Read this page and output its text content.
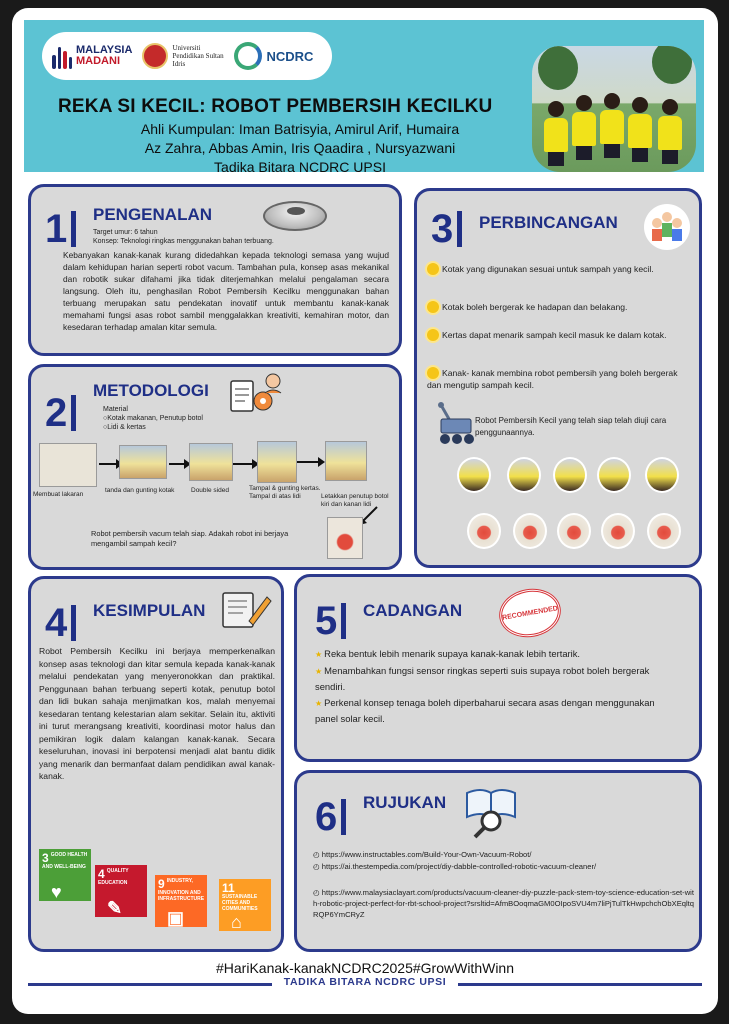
MALAYSIA
MADANI
Universiti Pendidikan Sultan Idris
NCDRC
REKA SI KECIL: ROBOT PEMBERSIH KECILKU
Ahli Kumpulan: Iman Batrisyia, Amirul Arif, Humaira
Az Zahra, Abbas Amin, Iris Qaadira , Nursyazwani
Tadika Bitara NCDRC UPSI
1 PENGENALAN
Target umur: 6 tahun
Konsep: Teknologi ringkas menggunakan bahan terbuang.
Kebanyakan kanak-kanak kurang didedahkan kepada teknologi semasa yang wujud dalam kehidupan harian seperti robot vacum. Tambahan pula, konsep asas mekanikal dan robotik sukar difahami jika tidak diterjemahkan melalui pengalaman secara langsung. Oleh itu, penghasilan Robot Pembersih Kecilku menggunakan bahan terbuang merupakan satu pendekatan inovatif untuk membantu kanak-kanak memahami fungsi asas robot sambil menggalakkan kreativiti, kemahiran motor, dan kesedaran terhadap amalan kitar semula.
2
METODOLOGI
Material
○Kotak makanan, Penutup botol
○Lidi & kertas
Membuat lakaran
tanda dan gunting kotak	Double sided	Tampal & gunting kertas. Tampal di atas lidi	Letakkan penutup botol kiri dan kanan lidi
Robot pembersih vacum telah siap. Adakah robot ini berjaya mengambil sampah kecil?
3 PERBINCANGAN
Kotak yang digunakan sesuai untuk sampah yang kecil.
Kotak boleh bergerak ke hadapan dan belakang.
Kertas dapat menarik sampah kecil masuk ke dalam kotak.
Kanak- kanak membina robot pembersih yang boleh bergerak dan mengutip sampah kecil.
Robot Pembersih Kecil yang telah siap telah diuji cara penggunaannya.
4 KESIMPULAN
Robot Pembersih Kecilku ini berjaya memperkenalkan konsep asas teknologi dan kitar semula kepada kanak-kanak melalui pendekatan yang menyeronokkan dan praktikal. Penggunaan bahan terbuang seperti kotak, penutup botol dan lidi bukan sahaja menjimatkan kos, malah menyemai kesedaran tentang kelestarian alam sekitar. Selain itu, aktiviti ini turut merangsang kreativiti, koordinasi motor halus dan pemikiran logik dalam kalangan kanak-kanak. Secara keseluruhan, inovasi ini berpotensi menjadi alat bantu didik yang menarik dan bermanfaat dalam pendidikan awal kanak-kanak.
3 GOOD HEALTH AND WELL-BEING
♥
4 QUALITY EDUCATION
✎
9 INDUSTRY, INNOVATION AND INFRASTRUCTURE
▣
11SUSTAINABLE CITIES AND COMMUNITIES
⌂
5 CADANGAN	RECOMMENDED
★ Reka bentuk lebih menarik supaya kanak-kanak lebih tertarik.
★ Menambahkan fungsi sensor ringkas seperti suis supaya robot boleh bergerak sendiri.
★ Perkenal konsep tenaga boleh diperbaharui secara asas dengan menggunakan panel solar kecil.
6 RUJUKAN
◴ https://www.instructables.com/Build-Your-Own-Vacuum-Robot/
◴ https://ai.thestempedia.com/project/diy-dabble-controlled-robotic-vacuum-cleaner/
◴ https://www.malaysiaclayart.com/products/vacuum-cleaner-diy-puzzle-pack-stem-toy-science-education-set-with-robotic-project-perfect-for-rbt-school-project?srsltid=AfmBOoqmaGM0OIpoSVU4m7liPjTulTkHwpchchObXEqltqRQP6YmCRyZ
#HariKanak-kanakNCDRC2025#GrowWithWinn
TADIKA BITARA NCDRC UPSI
